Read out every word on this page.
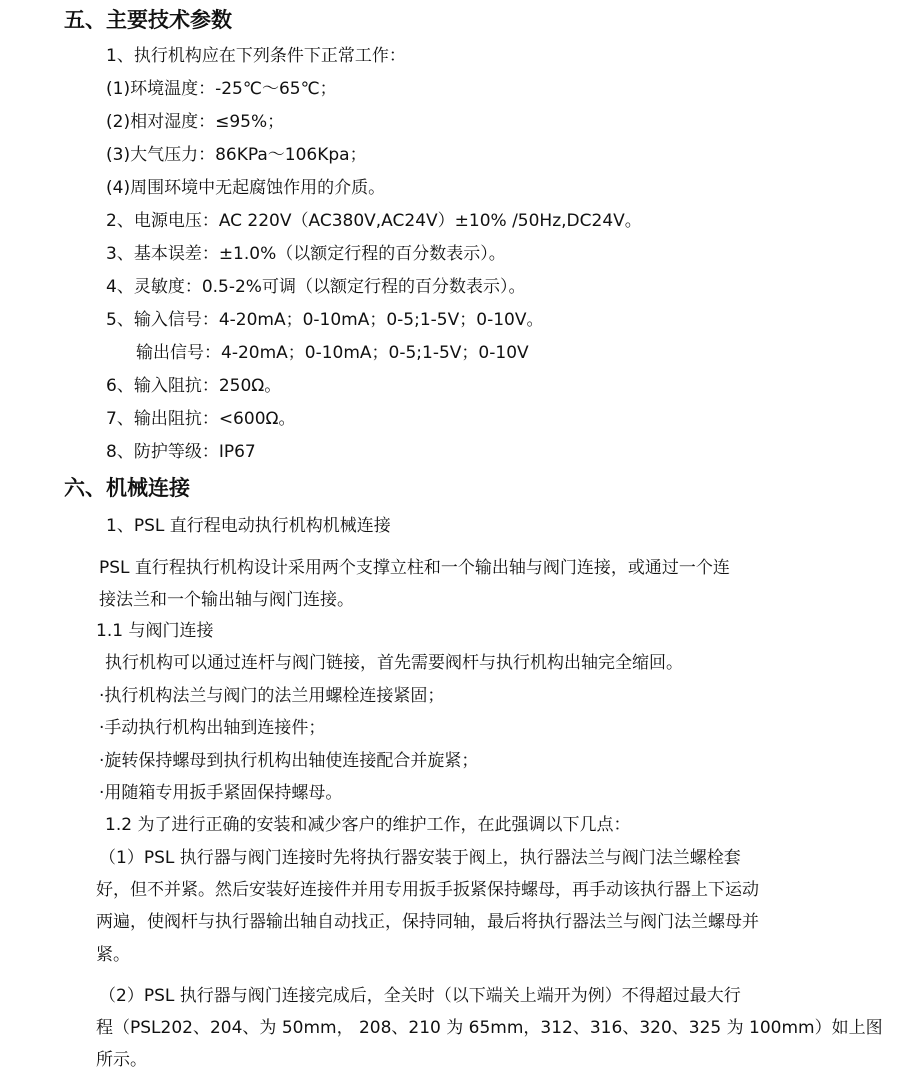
五、主要技术参数
1、执行机构应在下列条件下正常工作：
(1)环境温度：-25℃～65℃；
(2)相对湿度：≤95%；
(3)大气压力：86KPa～106Kpa；
(4)周围环境中无起腐蚀作用的介质。
2、电源电压：AC 220V（AC380V,AC24V）±10% /50Hz,DC24V。
3、基本误差：±1.0%（以额定行程的百分数表示）。
4、灵敏度：0.5-2%可调（以额定行程的百分数表示）。
5、输入信号：4-20mA；0-10mA；0-5;1-5V；0-10V。
输出信号：4-20mA；0-10mA；0-5;1-5V；0-10V
6、输入阻抗：250Ω。
7、输出阻抗：<600Ω。
8、防护等级：IP67
六、机械连接
1、PSL 直行程电动执行机构机械连接
PSL 直行程执行机构设计采用两个支撑立柱和一个输出轴与阀门连接，或通过一个连
接法兰和一个输出轴与阀门连接。
1.1 与阀门连接
执行机构可以通过连杆与阀门链接，首先需要阀杆与执行机构出轴完全缩回。
·执行机构法兰与阀门的法兰用螺栓连接紧固；
·手动执行机构出轴到连接件；
·旋转保持螺母到执行机构出轴使连接配合并旋紧；
·用随箱专用扳手紧固保持螺母。
1.2 为了进行正确的安装和减少客户的维护工作，在此强调以下几点：
（1）PSL 执行器与阀门连接时先将执行器安装于阀上，执行器法兰与阀门法兰螺栓套
好，但不并紧。然后安装好连接件并用专用扳手扳紧保持螺母，再手动该执行器上下运动
两遍，使阀杆与执行器输出轴自动找正，保持同轴，最后将执行器法兰与阀门法兰螺母并
紧。
（2）PSL 执行器与阀门连接完成后，全关时（以下端关上端开为例）不得超过最大行
程（PSL202、204、为 50mm， 208、210 为 65mm，312、316、320、325 为 100mm）如上图
所示。
